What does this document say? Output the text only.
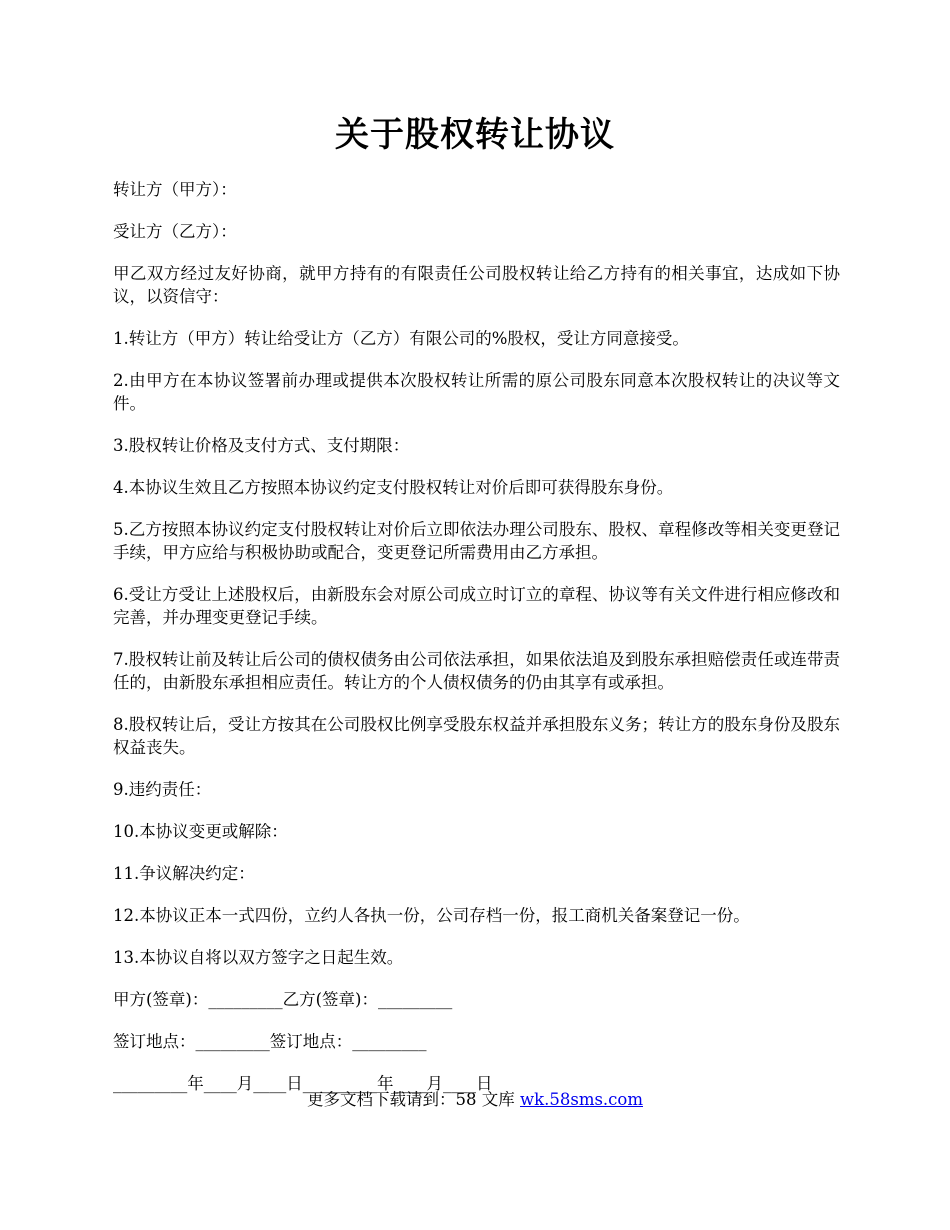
关于股权转让协议

转让方（甲方）：

受让方（乙方）：

甲乙双方经过友好协商，就甲方持有的有限责任公司股权转让给乙方持有的相关事宜，达成如下协议，以资信守：

1.转让方（甲方）转让给受让方（乙方）有限公司的%股权，受让方同意接受。

2.由甲方在本协议签署前办理或提供本次股权转让所需的原公司股东同意本次股权转让的决议等文件。

3.股权转让价格及支付方式、支付期限：

4.本协议生效且乙方按照本协议约定支付股权转让对价后即可获得股东身份。

5.乙方按照本协议约定支付股权转让对价后立即依法办理公司股东、股权、章程修改等相关变更登记手续，甲方应给与积极协助或配合，变更登记所需费用由乙方承担。

6.受让方受让上述股权后，由新股东会对原公司成立时订立的章程、协议等有关文件进行相应修改和完善，并办理变更登记手续。

7.股权转让前及转让后公司的债权债务由公司依法承担，如果依法追及到股东承担赔偿责任或连带责任的，由新股东承担相应责任。转让方的个人债权债务的仍由其享有或承担。

8.股权转让后，受让方按其在公司股权比例享受股东权益并承担股东义务；转让方的股东身份及股东权益丧失。

9.违约责任：

10.本协议变更或解除：

11.争议解决约定：

12.本协议正本一式四份，立约人各执一份，公司存档一份，报工商机关备案登记一份。

13.本协议自将以双方签字之日起生效。

甲方(签章)：_________乙方(签章)：_________

签订地点：_________签订地点：_________

_________年____月____日_________年____月____日

更多文档下载请到：58 文库 wk.58sms.com
